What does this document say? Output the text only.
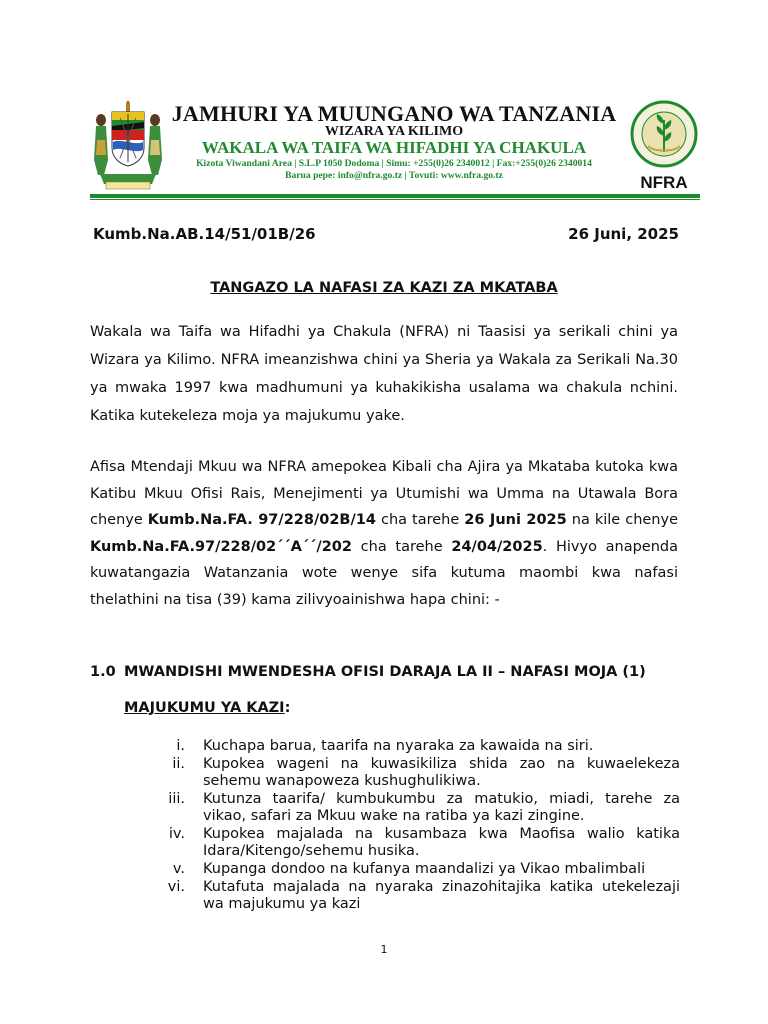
JAMHURI YA MUUNGANO WA TANZANIA
WIZARA YA KILIMO
WAKALA WA TAIFA WA HIFADHI YA CHAKULA
Kizota Viwandani Area | S.L.P 1050 Dodoma | Simu: +255(0)26 2340012 | Fax:+255(0)26 2340014
Barua pepe: info@nfra.go.tz | Tovuti: www.nfra.go.tz	NFRA
Kumb.Na.AB.14/51/01B/26	26 Juni, 2025
TANGAZO LA NAFASI ZA KAZI ZA MKATABA
Wakala wa Taifa wa Hifadhi ya Chakula (NFRA) ni Taasisi ya serikali chini ya Wizara ya Kilimo. NFRA imeanzishwa chini ya Sheria ya Wakala za Serikali Na.30 ya mwaka 1997 kwa madhumuni ya kuhakikisha usalama wa chakula nchini. Katika kutekeleza moja ya majukumu yake.
Afisa Mtendaji Mkuu wa NFRA amepokea Kibali cha Ajira ya Mkataba kutoka kwa Katibu Mkuu Ofisi Rais, Menejimenti ya Utumishi wa Umma na Utawala Bora chenye Kumb.Na.FA. 97/228/02B/14 cha tarehe 26 Juni 2025 na kile chenye Kumb.Na.FA.97/228/02´´A´´/202 cha tarehe 24/04/2025. Hivyo anapenda kuwatangazia Watanzania wote wenye sifa kutuma maombi kwa nafasi thelathini na tisa (39) kama zilivyoainishwa hapa chini: -
1.0 MWANDISHI MWENDESHA OFISI DARAJA LA II – NAFASI MOJA (1)
MAJUKUMU YA KAZI:
i.	Kuchapa barua, taarifa na nyaraka za kawaida na siri.
ii.	Kupokea wageni na kuwasikiliza shida zao na kuwaelekeza sehemu wanapoweza kushughulikiwa.
iii.	Kutunza taarifa/ kumbukumbu za matukio, miadi, tarehe za vikao, safari za Mkuu wake na ratiba ya kazi zingine.
iv.	Kupokea majalada na kusambaza kwa Maofisa walio katika Idara/Kitengo/sehemu husika.
v.	Kupanga dondoo na kufanya maandalizi ya Vikao mbalimbali
vi.	Kutafuta majalada na nyaraka zinazohitajika katika utekelezaji wa majukumu ya kazi
1
